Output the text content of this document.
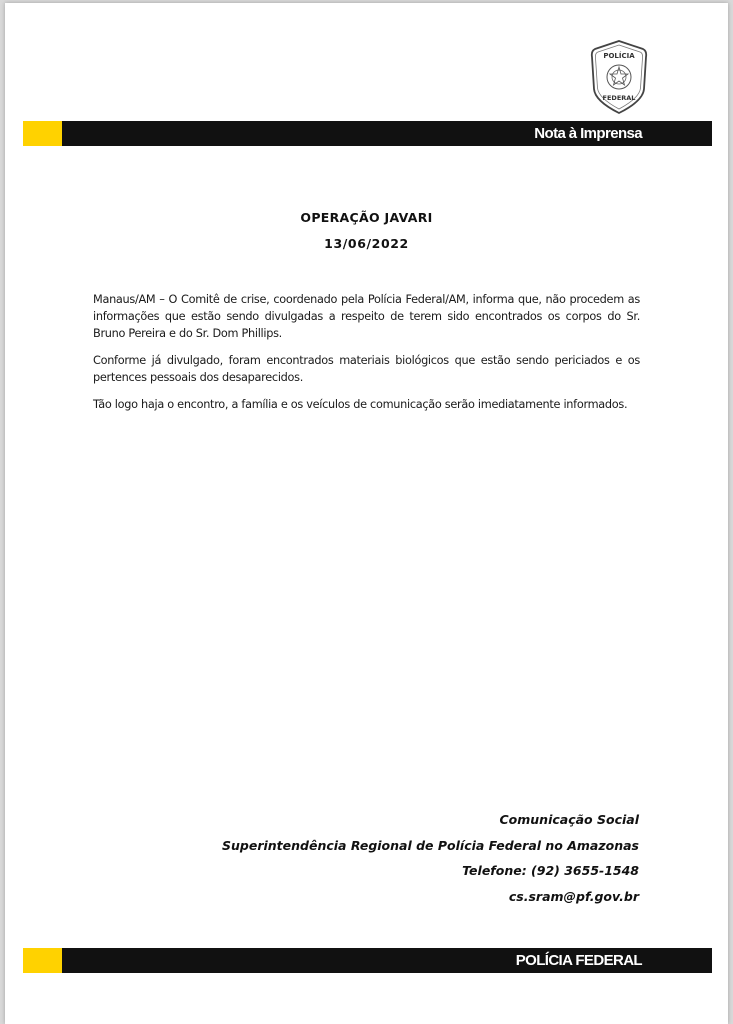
POLÍCIA
FEDERAL
Nota à Imprensa
OPERAÇÃO JAVARI
13/06/2022

Manaus/AM – O Comitê de crise, coordenado pela Polícia Federal/AM, informa que, não procedem as informações que estão sendo divulgadas a respeito de terem sido encontrados os corpos do Sr. Bruno Pereira e do Sr. Dom Phillips.

Conforme já divulgado, foram encontrados materiais biológicos que estão sendo periciados e os pertences pessoais dos desaparecidos.

Tão logo haja o encontro, a família e os veículos de comunicação serão imediatamente informados.

Comunicação Social
Superintendência Regional de Polícia Federal no Amazonas
Telefone: (92) 3655-1548
cs.sram@pf.gov.br
POLÍCIA FEDERAL
